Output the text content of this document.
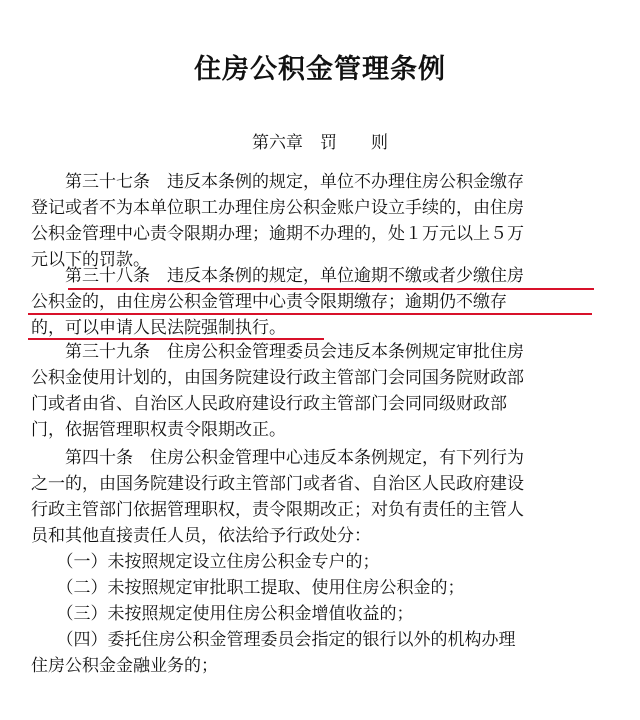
住房公积金管理条例
第六章　罚　　则
　　第三十七条　违反本条例的规定，单位不办理住房公积金缴存
登记或者不为本单位职工办理住房公积金账户设立手续的，由住房
公积金管理中心责令限期办理；逾期不办理的，处１万元以上５万
元以下的罚款。
　　第三十八条　违反本条例的规定，单位逾期不缴或者少缴住房
公积金的，由住房公积金管理中心责令限期缴存；逾期仍不缴存
的，可以申请人民法院强制执行。
　　第三十九条　住房公积金管理委员会违反本条例规定审批住房
公积金使用计划的，由国务院建设行政主管部门会同国务院财政部
门或者由省、自治区人民政府建设行政主管部门会同同级财政部
门，依据管理职权责令限期改正。
　　第四十条　住房公积金管理中心违反本条例规定，有下列行为
之一的，由国务院建设行政主管部门或者省、自治区人民政府建设
行政主管部门依据管理职权，责令限期改正；对负有责任的主管人
员和其他直接责任人员，依法给予行政处分：
　　（一）未按照规定设立住房公积金专户的；
　　（二）未按照规定审批职工提取、使用住房公积金的；
　　（三）未按照规定使用住房公积金增值收益的；
　　（四）委托住房公积金管理委员会指定的银行以外的机构办理
住房公积金金融业务的；
